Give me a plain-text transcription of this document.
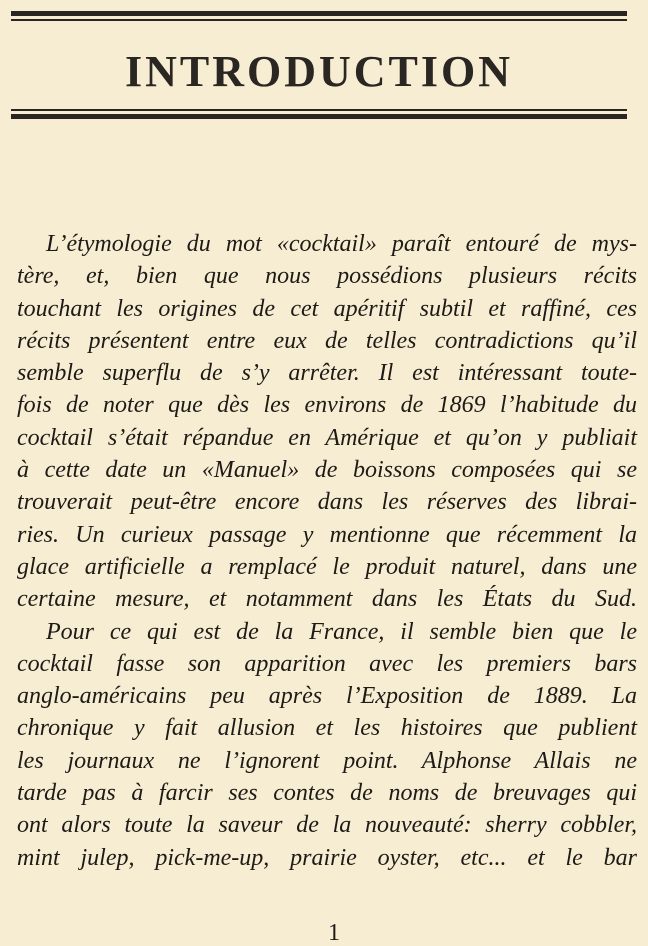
INTRODUCTION
L’étymologie du mot «cocktail» paraît entouré de mys-
tère, et, bien que nous possédions plusieurs récits
touchant les origines de cet apéritif subtil et raffiné, ces
récits présentent entre eux de telles contradictions qu’il
semble superflu de s’y arrêter. Il est intéressant toute-
fois de noter que dès les environs de 1869 l’habitude du
cocktail s’était répandue en Amérique et qu’on y publiait
à cette date un «Manuel» de boissons composées qui se
trouverait peut-être encore dans les réserves des librai-
ries. Un curieux passage y mentionne que récemment la
glace artificielle a remplacé le produit naturel, dans une
certaine mesure, et notamment dans les États du Sud.
Pour ce qui est de la France, il semble bien que le
cocktail fasse son apparition avec les premiers bars
anglo-américains peu après l’Exposition de 1889. La
chronique y fait allusion et les histoires que publient
les journaux ne l’ignorent point. Alphonse Allais ne
tarde pas à farcir ses contes de noms de breuvages qui
ont alors toute la saveur de la nouveauté: sherry cobbler,
mint julep, pick-me-up, prairie oyster, etc... et le bar

1
